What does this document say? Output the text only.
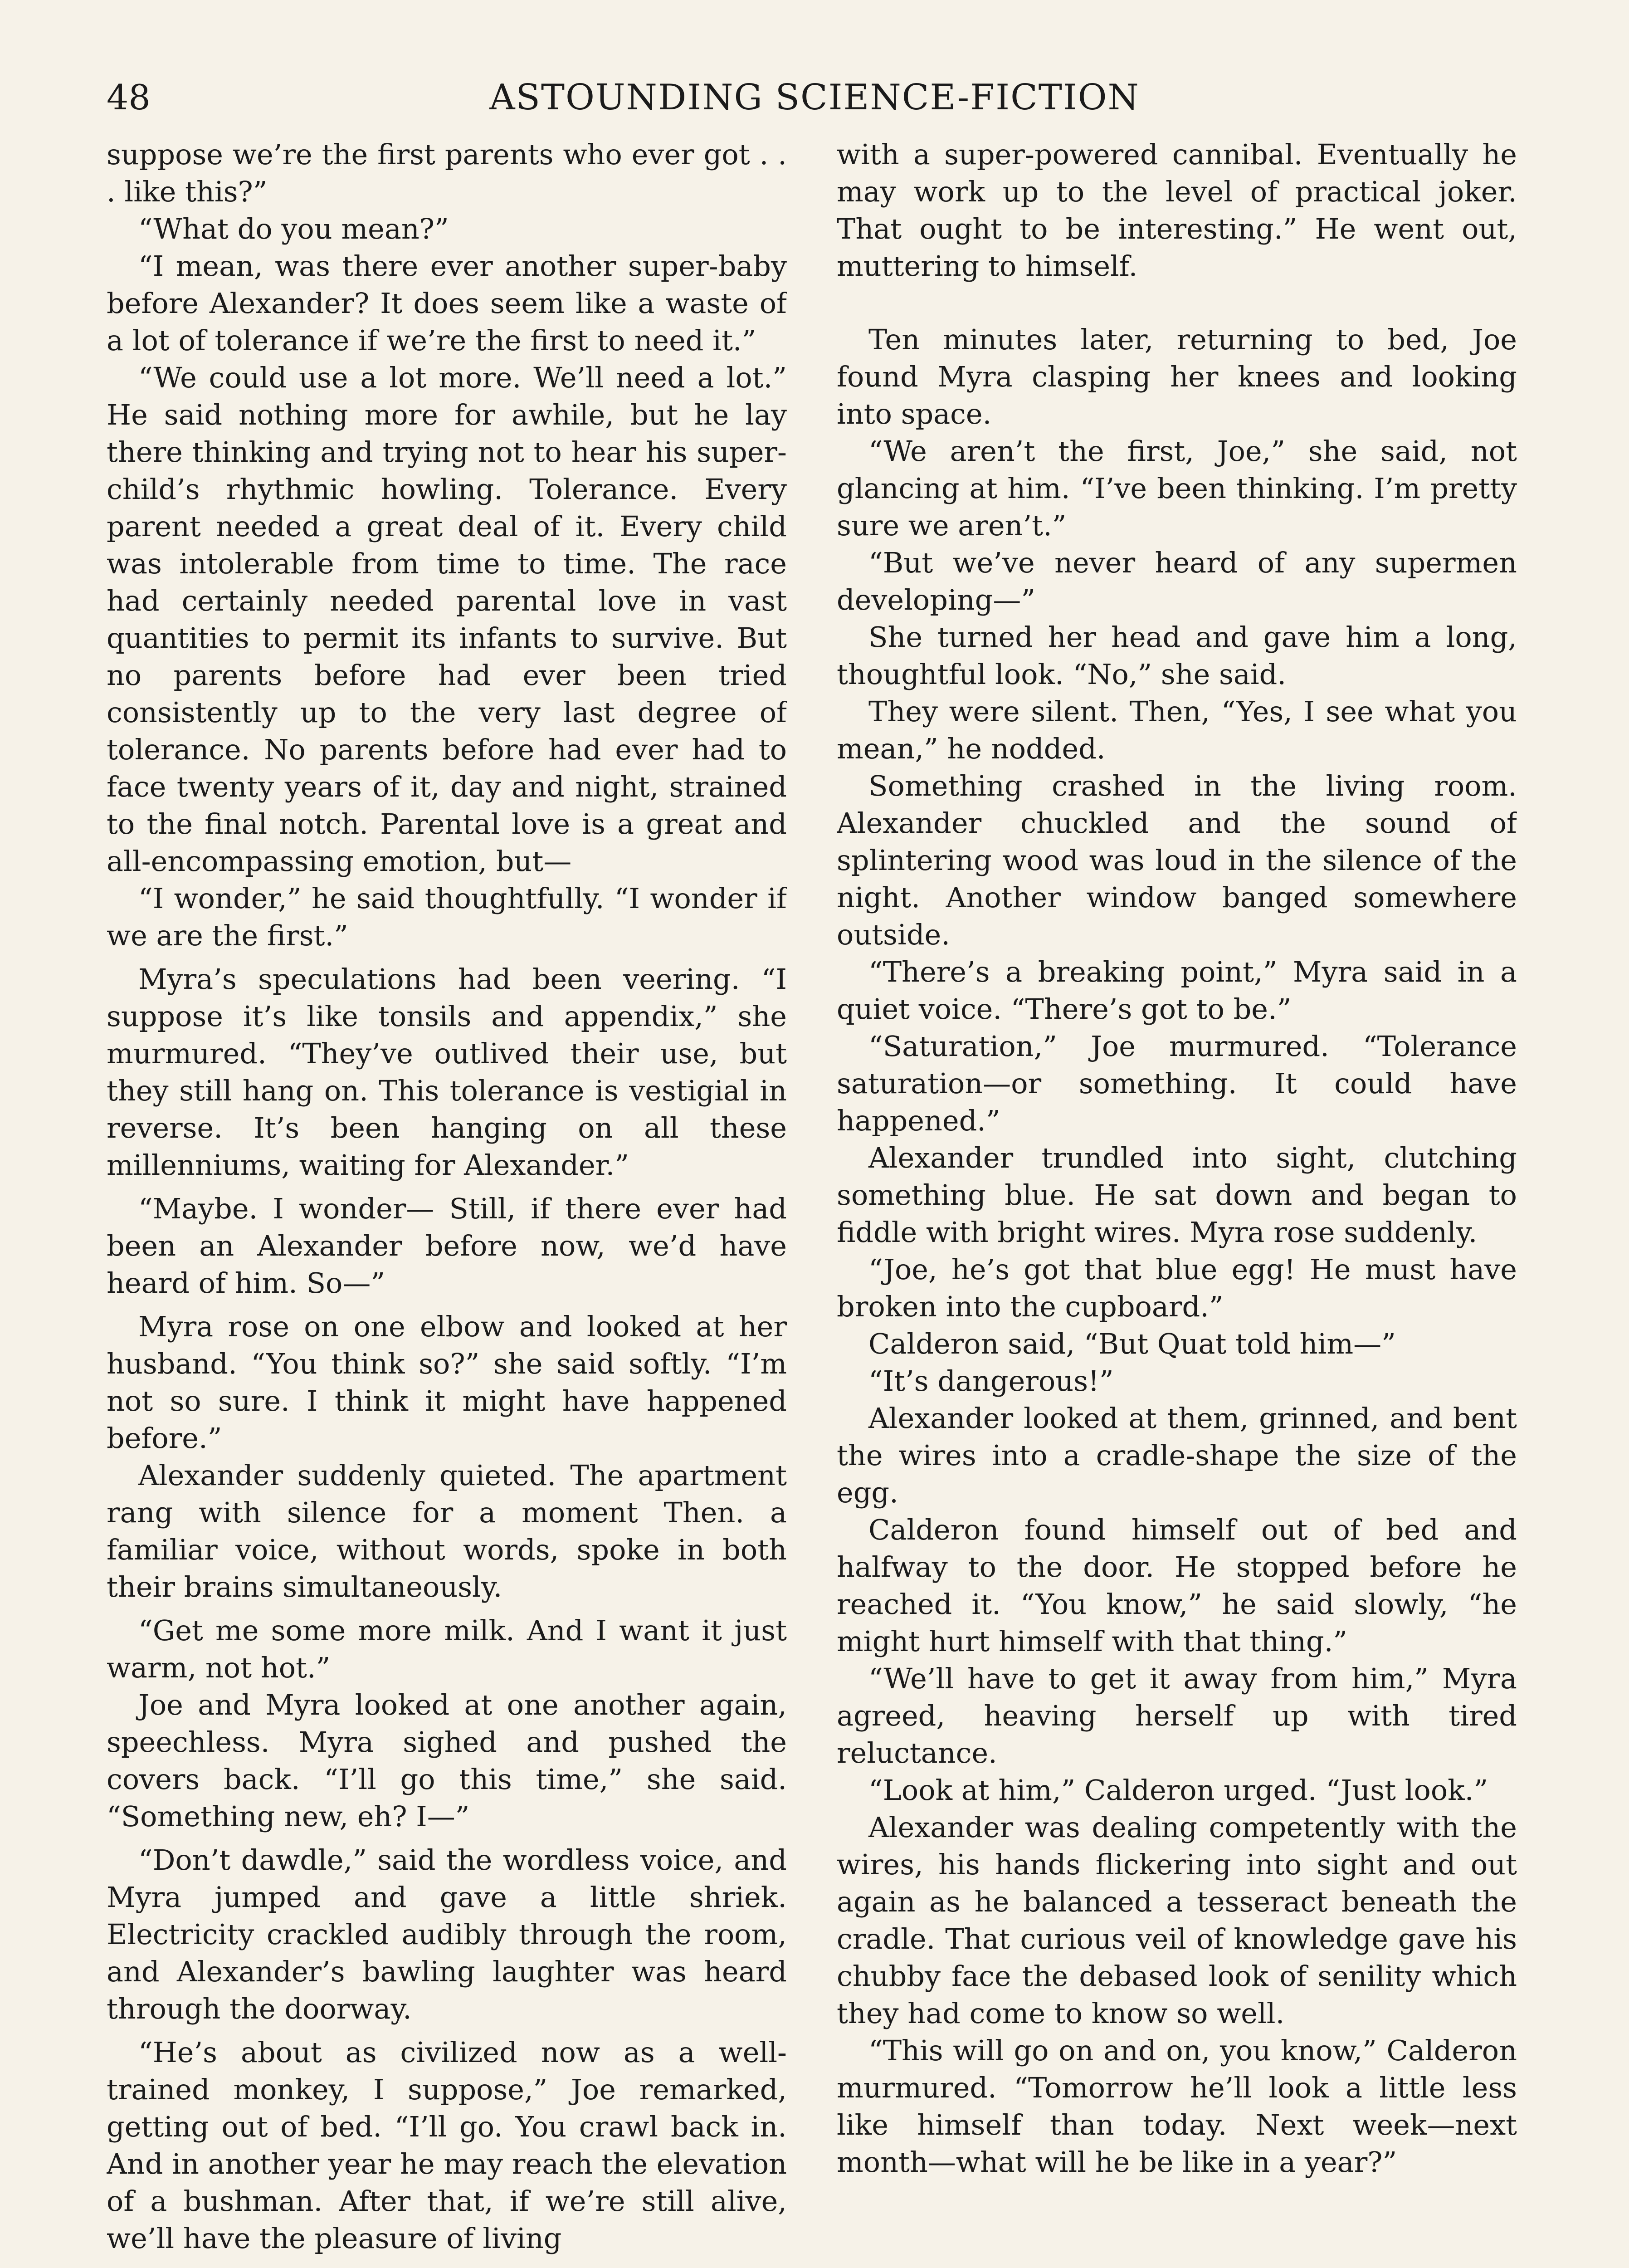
48	ASTOUNDING SCIENCE-FICTION

suppose we’re the first parents who ever got . . . like this?”

“What do you mean?”

“I mean, was there ever another super-baby before Alexander? It does seem like a waste of a lot of tolerance if we’re the first to need it.”

“We could use a lot more. We’ll need a lot.” He said nothing more for awhile, but he lay there thinking and trying not to hear his super-child’s rhythmic howling. Tolerance. Every parent needed a great deal of it. Every child was intolerable from time to time. The race had certainly needed parental love in vast quantities to permit its infants to survive. But no parents before had ever been tried consistently up to the very last degree of tolerance. No parents before had ever had to face twenty years of it, day and night, strained to the final notch. Parental love is a great and all-encompassing emotion, but—

“I wonder,” he said thoughtfully. “I wonder if we are the first.”

Myra’s speculations had been veering. “I suppose it’s like tonsils and appendix,” she murmured. “They’ve outlived their use, but they still hang on. This tolerance is vestigial in reverse. It’s been hanging on all these millenniums, waiting for Alexander.”

“Maybe. I wonder— Still, if there ever had been an Alexander before now, we’d have heard of him. So—”

Myra rose on one elbow and looked at her husband. “You think so?” she said softly. “I’m not so sure. I think it might have happened before.”

Alexander suddenly quieted. The apartment rang with silence for a moment Then. a familiar voice, without words, spoke in both their brains simultaneously.

“Get me some more milk. And I want it just warm, not hot.”

Joe and Myra looked at one another again, speechless. Myra sighed and pushed the covers back. “I’ll go this time,” she said. “Something new, eh? I—”

“Don’t dawdle,” said the wordless voice, and Myra jumped and gave a little shriek. Electricity crackled audibly through the room, and Alexander’s bawling laughter was heard through the doorway.

“He’s about as civilized now as a well-trained monkey, I suppose,” Joe remarked, getting out of bed. “I’ll go. You crawl back in. And in another year he may reach the elevation of a bushman. After that, if we’re still alive, we’ll have the pleasure of living

with a super-powered cannibal. Eventually he may work up to the level of practical joker. That ought to be interesting.” He went out, muttering to himself.

Ten minutes later, returning to bed, Joe found Myra clasping her knees and looking into space.

“We aren’t the first, Joe,” she said, not glancing at him. “I’ve been thinking. I’m pretty sure we aren’t.”

“But we’ve never heard of any supermen developing—”

She turned her head and gave him a long, thoughtful look. “No,” she said.

They were silent. Then, “Yes, I see what you mean,” he nodded.

Something crashed in the living room. Alexander chuckled and the sound of splintering wood was loud in the silence of the night. Another window banged somewhere outside.

“There’s a breaking point,” Myra said in a quiet voice. “There’s got to be.”

“Saturation,” Joe murmured. “Tolerance saturation—or something. It could have happened.”

Alexander trundled into sight, clutching something blue. He sat down and began to fiddle with bright wires. Myra rose suddenly.

“Joe, he’s got that blue egg! He must have broken into the cupboard.”

Calderon said, “But Quat told him—”

“It’s dangerous!”

Alexander looked at them, grinned, and bent the wires into a cradle-shape the size of the egg.

Calderon found himself out of bed and halfway to the door. He stopped before he reached it. “You know,” he said slowly, “he might hurt himself with that thing.”

“We’ll have to get it away from him,” Myra agreed, heaving herself up with tired reluctance.

“Look at him,” Calderon urged. “Just look.”

Alexander was dealing competently with the wires, his hands flickering into sight and out again as he balanced a tesseract beneath the cradle. That curious veil of knowledge gave his chubby face the debased look of senility which they had come to know so well.

“This will go on and on, you know,” Calderon murmured. “Tomorrow he’ll look a little less like himself than today. Next week—next month—what will he be like in a year?”
